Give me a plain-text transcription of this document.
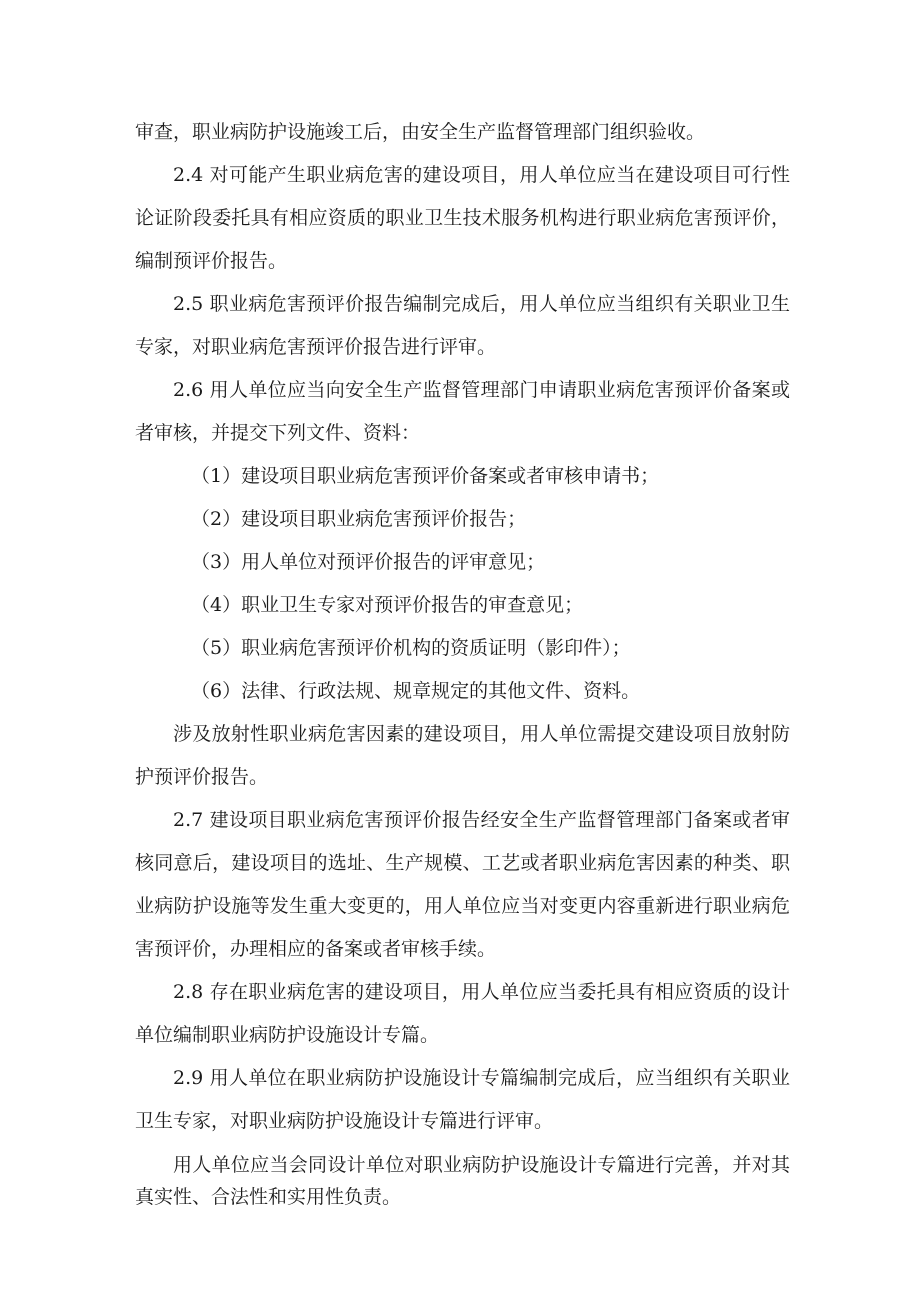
审查，职业病防护设施竣工后，由安全生产监督管理部门组织验收。

2.4 对可能产生职业病危害的建设项目，用人单位应当在建设项目可行性论证阶段委托具有相应资质的职业卫生技术服务机构进行职业病危害预评价，编制预评价报告。

2.5 职业病危害预评价报告编制完成后，用人单位应当组织有关职业卫生专家，对职业病危害预评价报告进行评审。

2.6 用人单位应当向安全生产监督管理部门申请职业病危害预评价备案或者审核，并提交下列文件、资料：

（1）建设项目职业病危害预评价备案或者审核申请书；

（2）建设项目职业病危害预评价报告；

（3）用人单位对预评价报告的评审意见；

（4）职业卫生专家对预评价报告的审查意见；

（5）职业病危害预评价机构的资质证明（影印件）；

（6）法律、行政法规、规章规定的其他文件、资料。

涉及放射性职业病危害因素的建设项目，用人单位需提交建设项目放射防护预评价报告。

2.7 建设项目职业病危害预评价报告经安全生产监督管理部门备案或者审核同意后，建设项目的选址、生产规模、工艺或者职业病危害因素的种类、职业病防护设施等发生重大变更的，用人单位应当对变更内容重新进行职业病危害预评价，办理相应的备案或者审核手续。

2.8 存在职业病危害的建设项目，用人单位应当委托具有相应资质的设计单位编制职业病防护设施设计专篇。

2.9 用人单位在职业病防护设施设计专篇编制完成后，应当组织有关职业卫生专家，对职业病防护设施设计专篇进行评审。

用人单位应当会同设计单位对职业病防护设施设计专篇进行完善，并对其真实性、合法性和实用性负责。
